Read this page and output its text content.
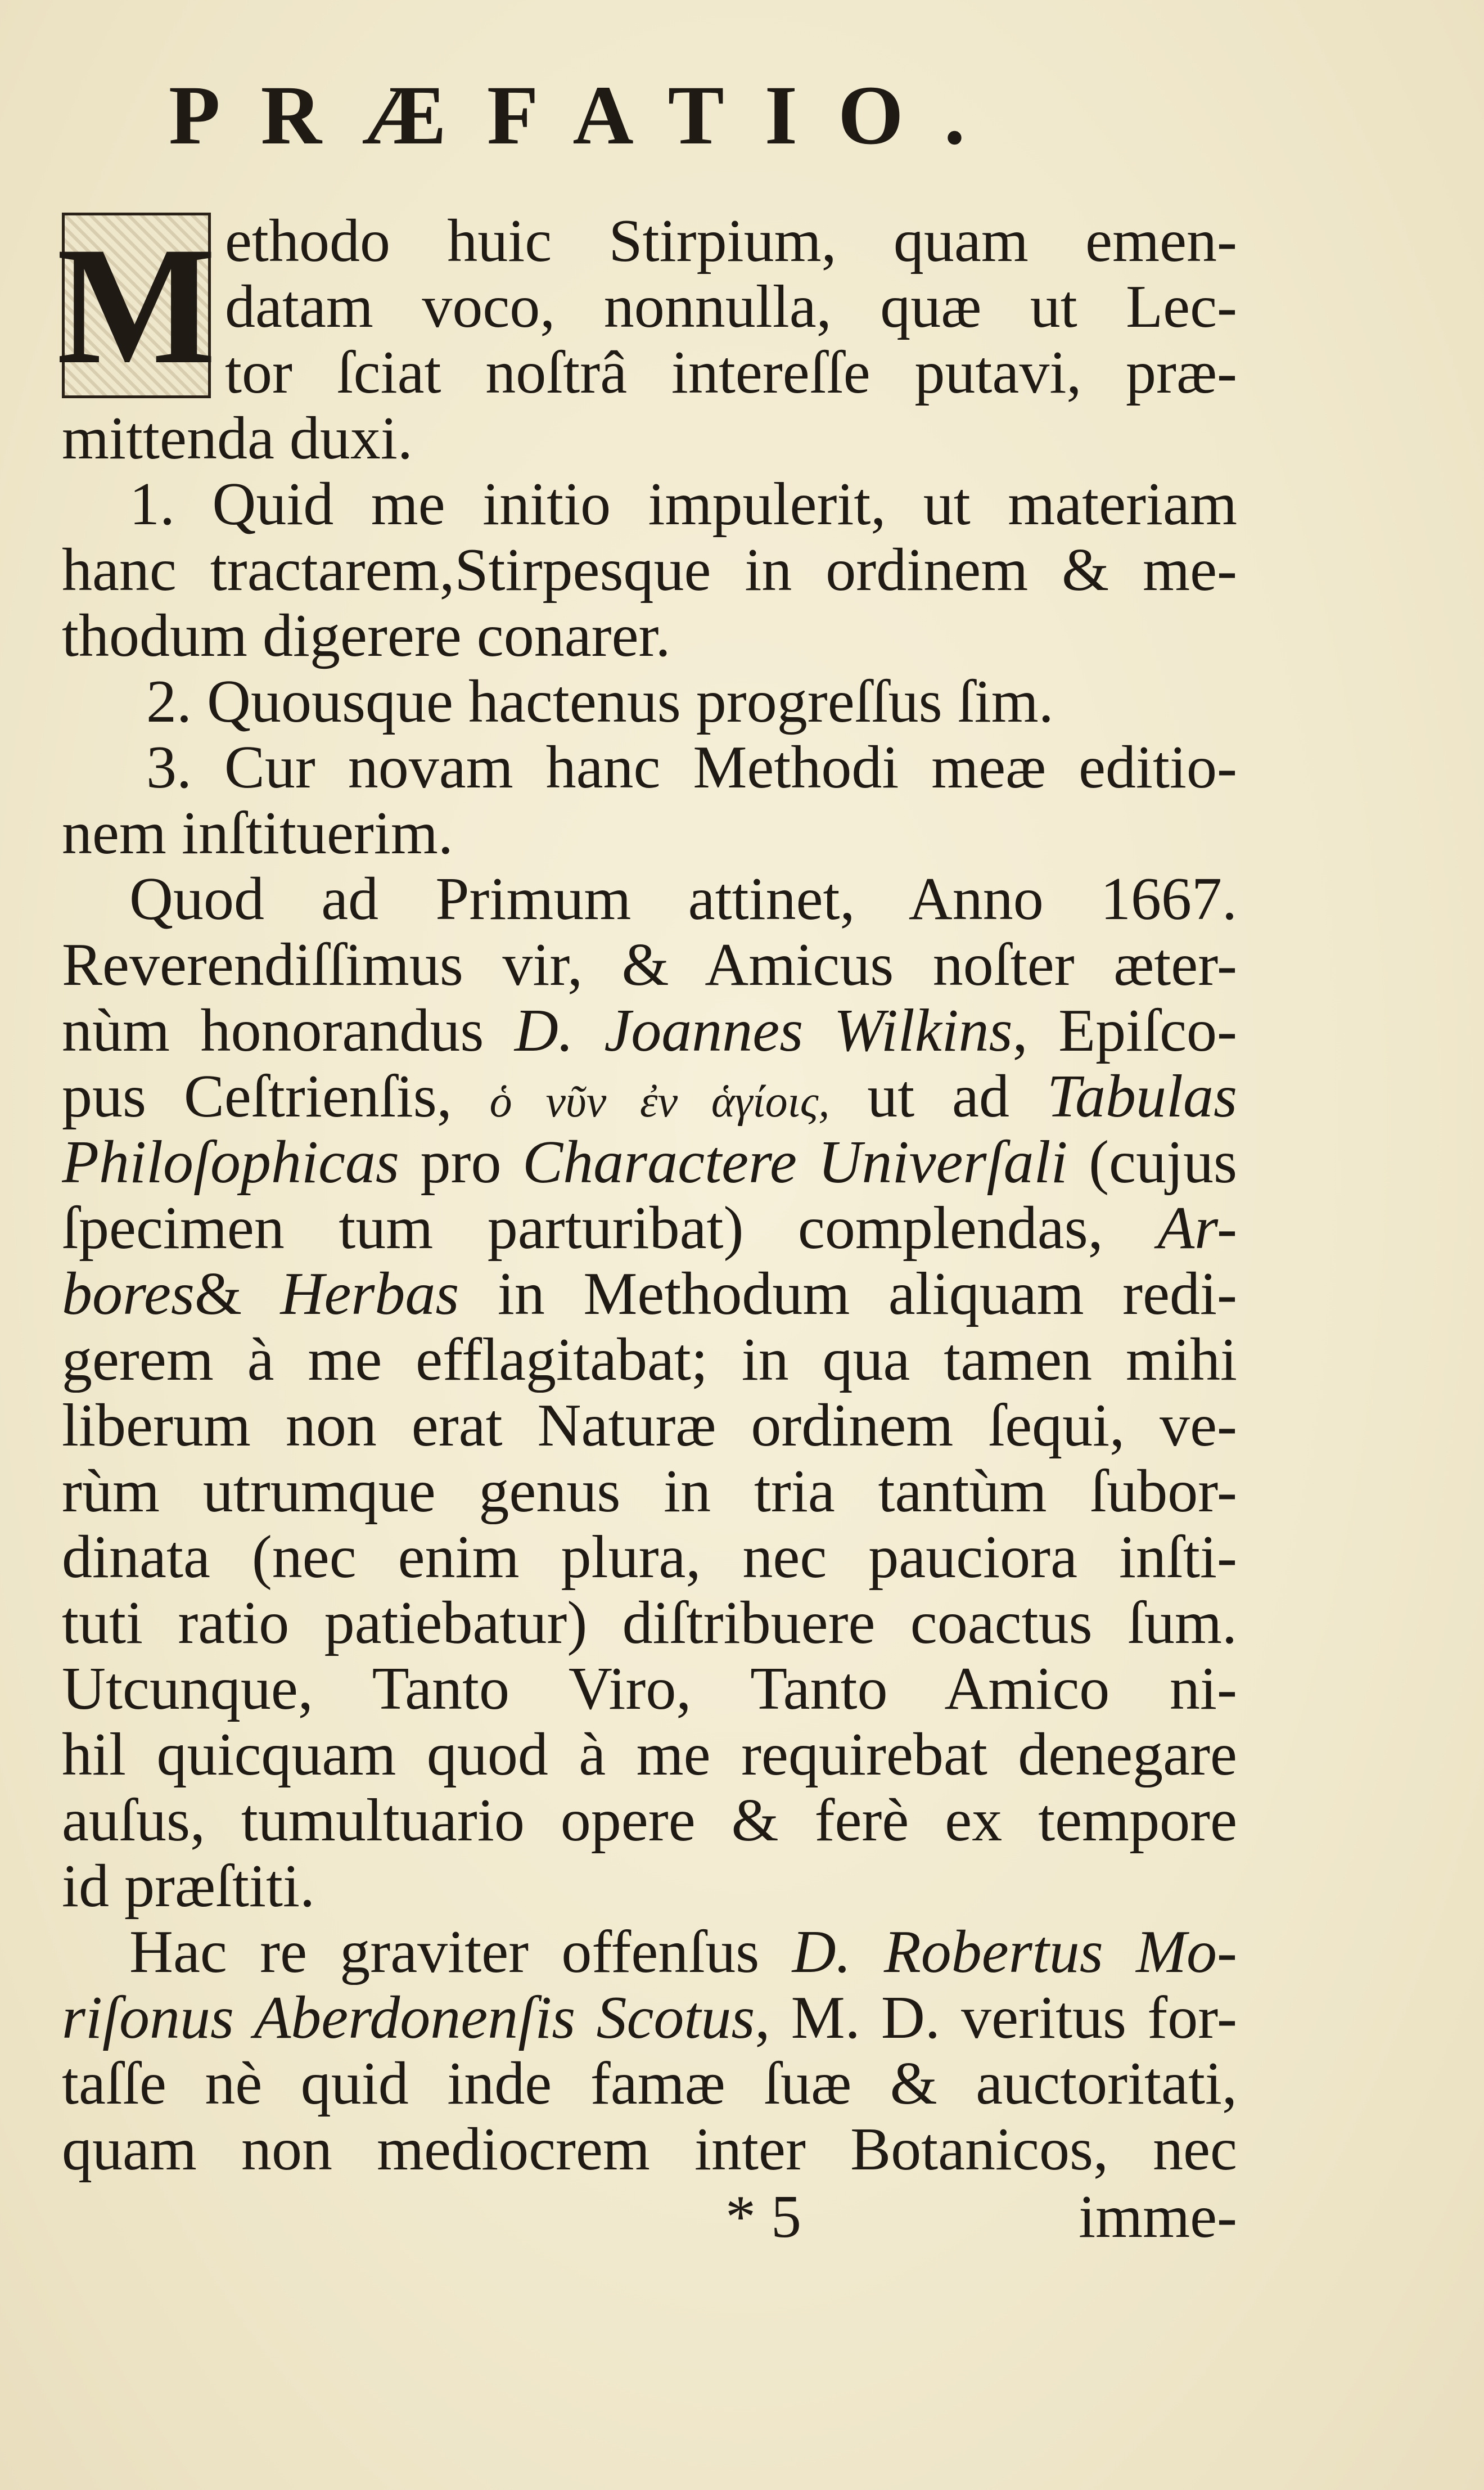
PRÆFATIO.
M ethodo huic Stirpium, quam emen-
datam voco, nonnulla, quæ ut Lec-
tor ſciat noſtrâ intereſſe putavi, præ-
mittenda duxi.
1. Quid me initio impulerit, ut materiam
hanc tractarem,Stirpesque in ordinem & me-
thodum digerere conarer.
2. Quousque hactenus progreſſus ſim.
3. Cur novam hanc Methodi meæ editio-
nem inſtituerim.
Quod ad Primum attinet, Anno 1667.
Reverendiſſimus vir, & Amicus noſter æter-
nùm honorandus D. Joannes Wilkins, Epiſco-
pus Ceſtrienſis, ὁ νῦν ἐν ἁγίοις, ut ad Tabulas
Philoſophicas pro Charactere Univerſali (cujus
ſpecimen tum parturibat) complendas, Ar-
bores& Herbas in Methodum aliquam redi-
gerem à me efflagitabat; in qua tamen mihi
liberum non erat Naturæ ordinem ſequi, ve-
rùm utrumque genus in tria tantùm ſubor-
dinata (nec enim plura, nec pauciora inſti-
tuti ratio patiebatur) diſtribuere coactus ſum.
Utcunque, Tanto Viro, Tanto Amico ni-
hil quicquam quod à me requirebat denegare
auſus, tumultuario opere & ferè ex tempore
id præſtiti.
Hac re graviter offenſus D. Robertus Mo-
riſonus Aberdonenſis Scotus, M. D. veritus for-
taſſe nè quid inde famæ ſuæ & auctoritati,
quam non mediocrem inter Botanicos, nec
* 5	imme-
